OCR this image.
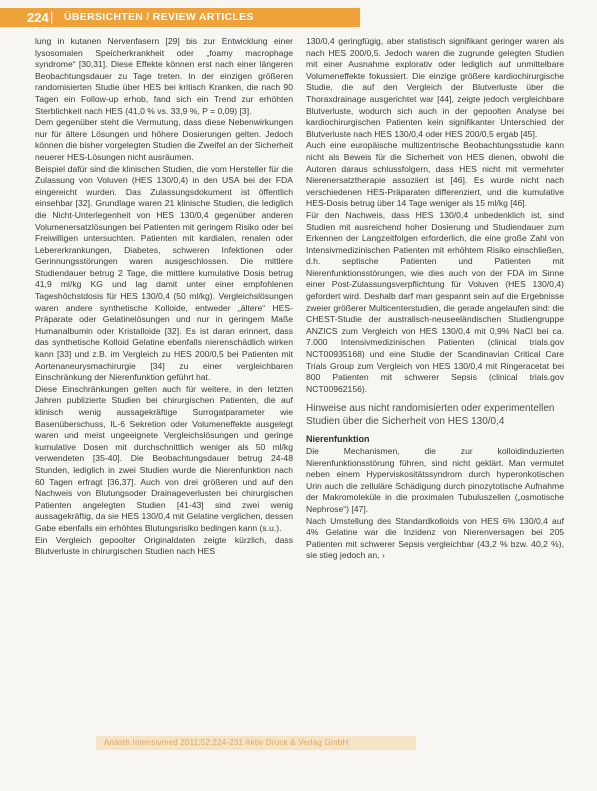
224 | ÜBERSICHTEN / REVIEW ARTICLES

lung in kutanen Nervenfasern [29] bis zur Entwicklung einer lysosomalen Speicherkrankheit oder „foamy macrophage syndrome“ [30,31]. Diese Effekte können erst nach einer längeren Beobachtungsdauer zu Tage treten. In der einzigen größeren randomisierten Studie über HES bei kritisch Kranken, die nach 90 Tagen ein Follow-up erhob, fand sich ein Trend zur erhöhten Sterblichkeit nach HES (41,0 % vs. 33,9 %, P = 0,09) [3].

Dem gegenüber steht die Vermutung, dass diese Nebenwirkungen nur für ältere Lösungen und höhere Dosierungen gelten. Jedoch können die bisher vorgelegten Studien die Zweifel an der Sicherheit neuerer HES-Lösungen nicht ausräumen.

Beispiel dafür sind die klinischen Studien, die vom Hersteller für die Zulassung von Voluven (HES 130/0,4) in den USA bei der FDA eingereicht wurden. Das Zulassungsdokument ist öffentlich einsehbar [32]. Grundlage waren 21 klinische Studien, die lediglich die Nicht-Unterlegenheit von HES 130/0,4 gegenüber anderen Volumenersatzlösungen bei Patienten mit geringem Risiko oder bei Freiwilligen untersuchten. Patienten mit kardialen, renalen oder Lebererkrankungen, Diabetes, schweren Infektionen oder Gerinnungsstörungen waren ausgeschlossen. Die mittlere Studiendauer betrug 2 Tage, die mittlere kumulative Dosis betrug 41,9 ml/kg KG und lag damit unter einer empfohlenen Tageshöchstdosis für HES 130/0,4 (50 ml/kg). Vergleichslösungen waren andere synthetische Kolloide, entweder „ältere“ HES-Präparate oder Gelatinelösungen und nur in geringem Maße Humanalbumin oder Kristalloide [32]. Es ist daran erinnert, dass das synthetische Kolloid Gelatine ebenfalls nierenschädlich wirken kann [33] und z.B. im Vergleich zu HES 200/0,5 bei Patienten mit Aortenaneurysmachirurgie [34] zu einer vergleichbaren Einschränkung der Nierenfunktion geführt hat.

Diese Einschränkungen gelten auch für weitere, in den letzten Jahren publizierte Studien bei chirurgischen Patienten, die auf klinisch wenig aussagekräftige Surrogatparameter wie Basenüberschuss, IL-6 Sekretion oder Volumeneffekte ausgelegt waren und meist ungeeignete Vergleichslösungen und geringe kumulative Dosen mit durchschnittlich weniger als 50 ml/kg verwendeten [35-40]. Die Beobachtungsdauer betrug 24-48 Stunden, lediglich in zwei Studien wurde die Nierenfunktion nach 60 Tagen erfragt [36,37]. Auch von drei größeren und auf den Nachweis von Blutungsoder Drainageverlusten bei chirurgischen Patienten angelegten Studien [41-43] sind zwei wenig aussagekräftig, da sie HES 130/0,4 mit Gelatine verglichen, dessen Gabe ebenfalls ein erhöhtes Blutungsrisiko bedingen kann (s.u.).

Ein Vergleich gepoolter Originaldaten zeigte kürzlich, dass Blutverluste in chirurgischen Studien nach HES

130/0,4 geringfügig, aber statistisch signifikant geringer waren als nach HES 200/0,5. Jedoch waren die zugrunde gelegten Studien mit einer Ausnahme explorativ oder lediglich auf unmittelbare Volumeneffekte fokussiert. Die einzige größere kardiochirurgische Studie, die auf den Vergleich der Blutverluste über die Thoraxdrainage ausgerichtet war [44], zeigte jedoch vergleichbare Blutverluste, wodurch sich auch in der gepoolten Analyse bei kardiochirurgischen Patienten kein signifikanter Unterschied der Blutverluste nach HES 130/0,4 oder HES 200/0,5 ergab [45].

Auch eine europäische multizentrische Beobachtungsstudie kann nicht als Beweis für die Sicherheit von HES dienen, obwohl die Autoren daraus schlussfolgern, dass HES nicht mit vermehrter Nierenersatztherapie assoziiert ist [46]. Es wurde nicht nach verschiedenen HES-Präparaten differenziert, und die kumulative HES-Dosis betrug über 14 Tage weniger als 15 ml/kg [46].

Für den Nachweis, dass HES 130/0,4 unbedenklich ist, sind Studien mit ausreichend hoher Dosierung und Studiendauer zum Erkennen der Langzeitfolgen erforderlich, die eine große Zahl von Intensivmedizinischen Patienten mit erhöhtem Risiko einschließen, d.h. septische Patienten und Patienten mit Nierenfunktionsstörungen, wie dies auch von der FDA im Sinne einer Post-Zulassungsverpflichtung für Voluven (HES 130/0,4) gefordert wird. Deshalb darf man gespannt sein auf die Ergebnisse zweier größerer Multicenterstudien, die gerade angelaufen sind: die CHEST-Studie der australisch-neuseeländischen Studiengruppe ANZICS zum Vergleich von HES 130/0,4 mit 0,9% NaCl bei ca. 7.000 Intensivmedizinischen Patienten (clinical trials.gov NCT00935168) und eine Studie der Scandinavian Critical Care Trials Group zum Vergleich von HES 130/0,4 mit Ringeracetat bei 800 Patienten mit schwerer Sepsis (clinical trials.gov NCT00962156).

Hinweise aus nicht randomisierten oder experimentellen Studien über die Sicherheit von HES 130/0,4

Nierenfunktion

Die Mechanismen, die zur kolloidinduzierten Nierenfunktionsstörung führen, sind nicht geklärt. Man vermutet neben einem Hyperviskositätssyndrom durch hyperonkotischen Urin auch die zelluläre Schädigung durch pinozytotische Aufnahme der Makromoleküle in die proximalen Tubuluszellen („osmotische Nephrose“) [47].

Nach Umstellung des Standardkolloids von HES 6% 130/0,4 auf 4% Gelatine war die Inzidenz von Nierenversagen bei 205 Patienten mit schwerer Sepsis vergleichbar (43,2 % bzw. 40,2 %), sie stieg jedoch an, ›

Anästh Intensivmed 2011;52:224-231 Aktiv Druck & Verlag GmbH
